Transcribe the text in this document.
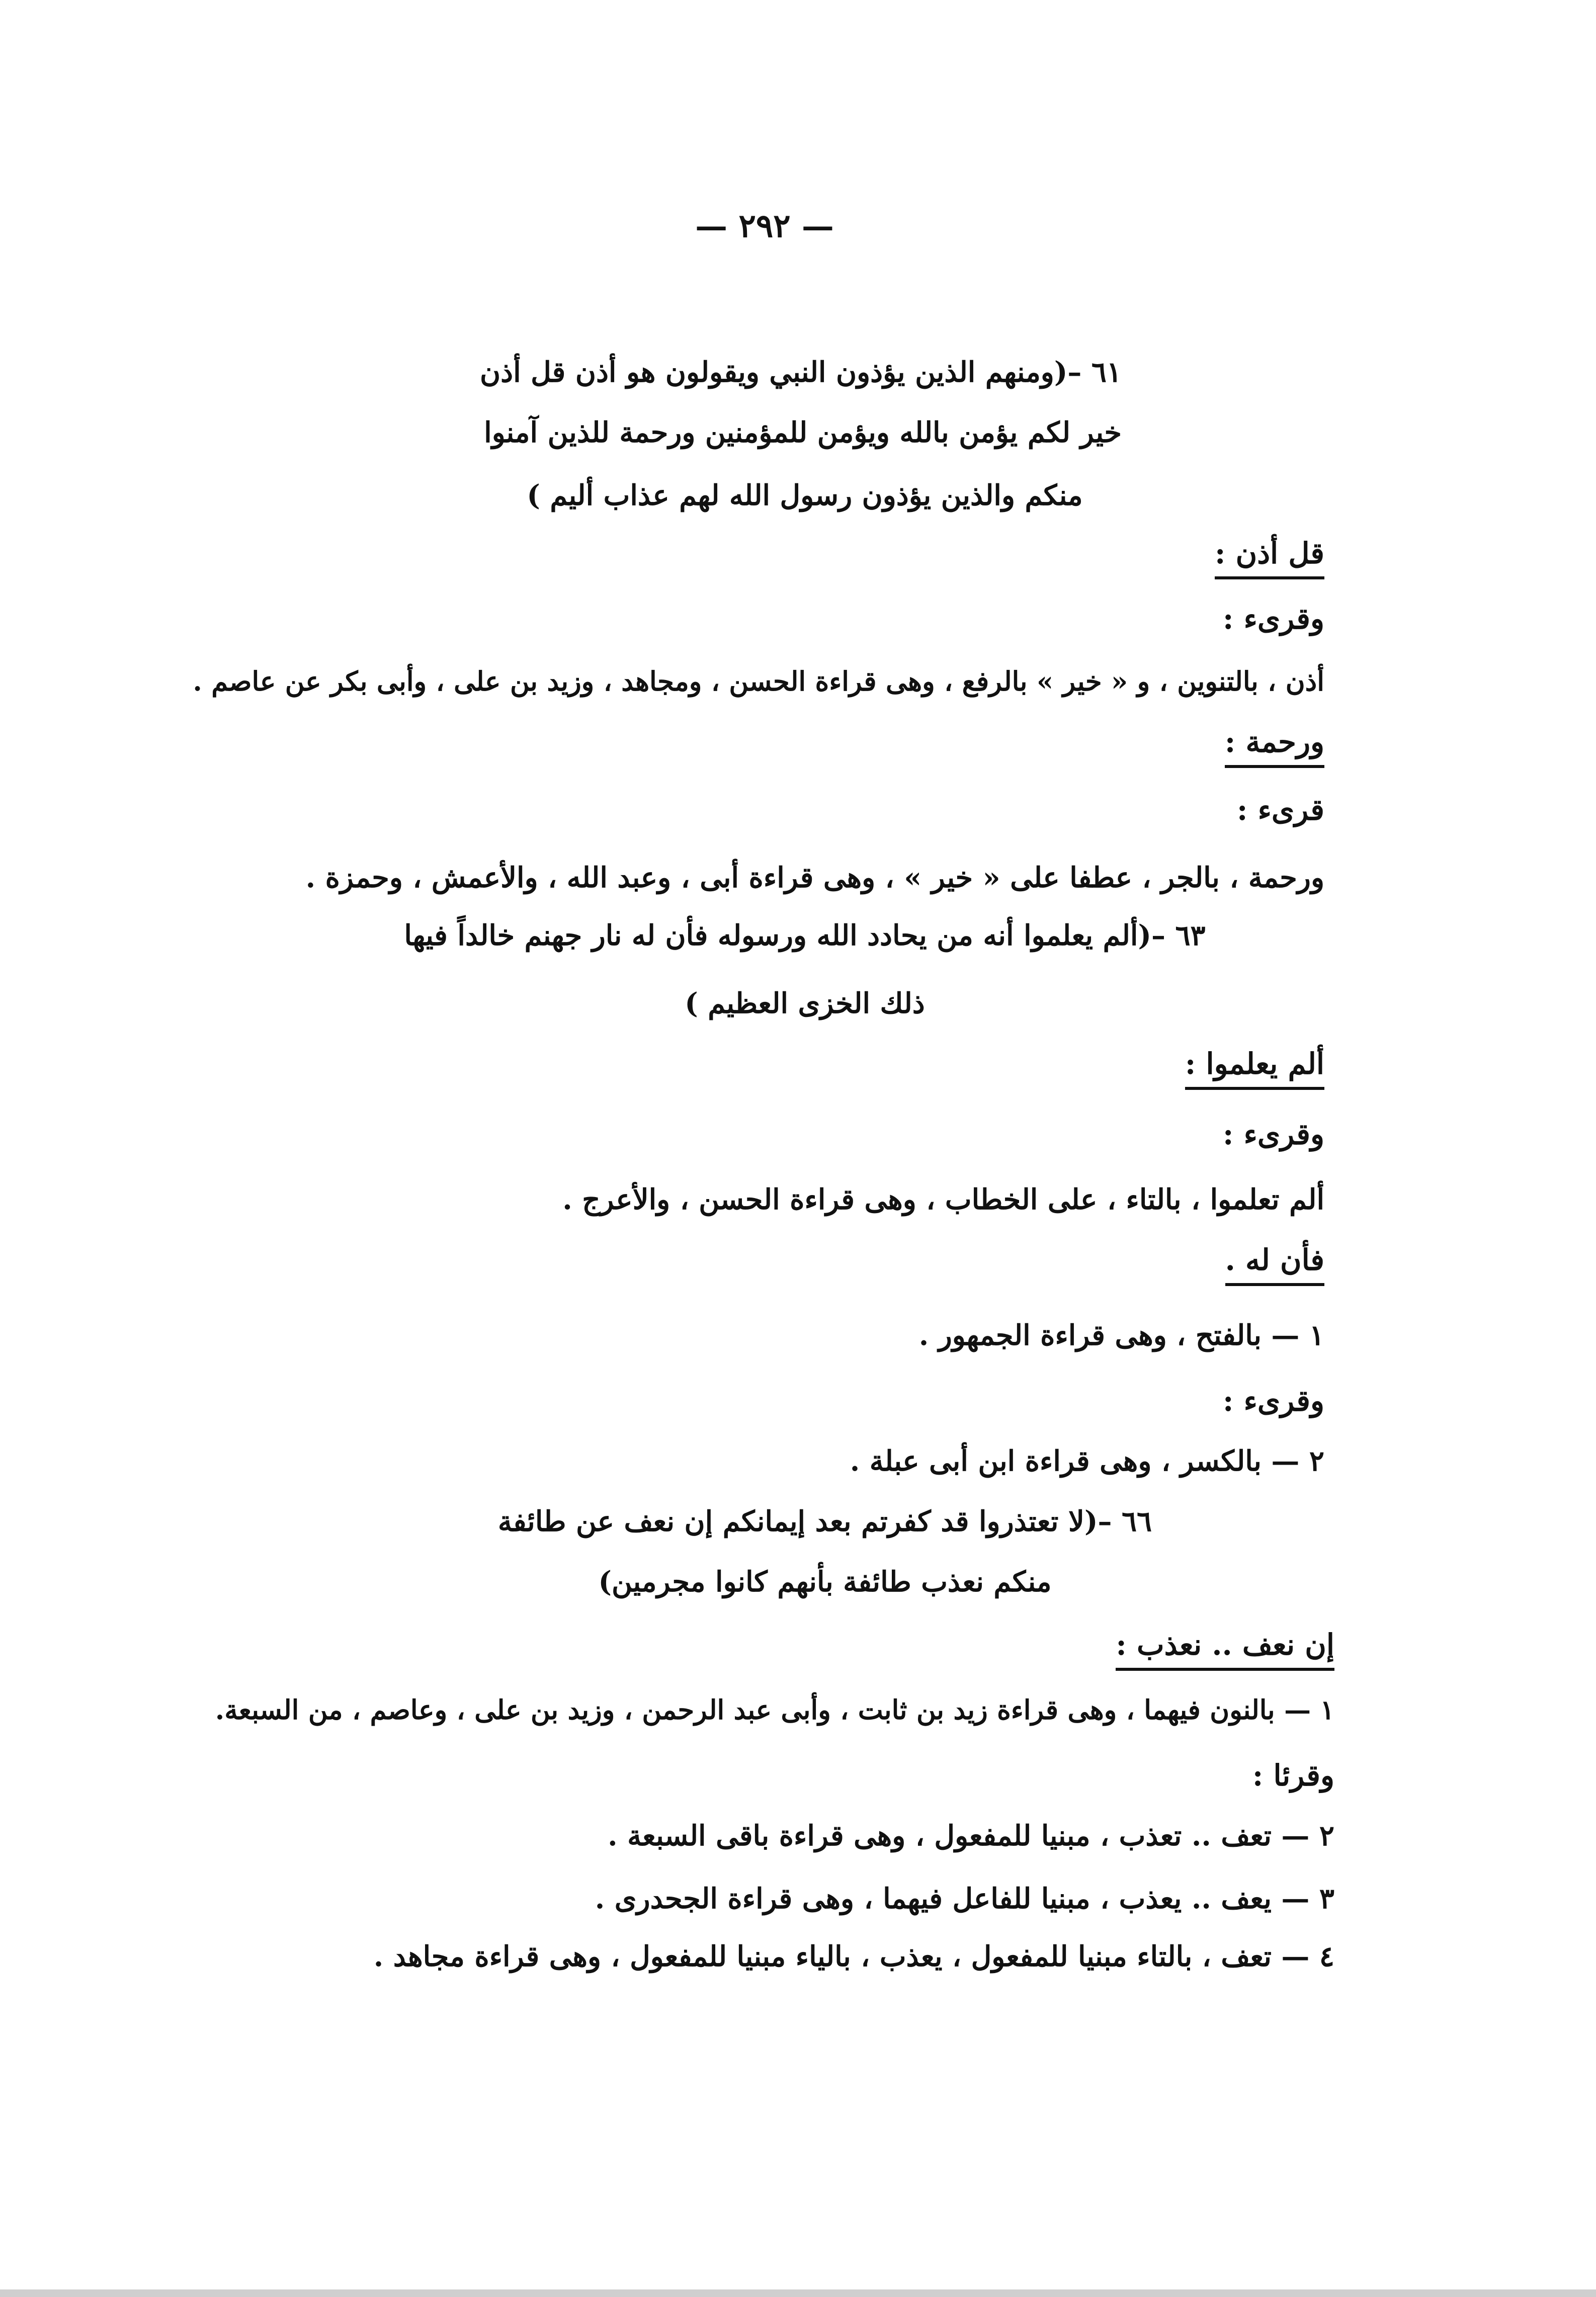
— ٢٩٢ —
٦١ –(ومنهم الذين يؤذون النبي ويقولون هو أذن قل أذن
خير لكم يؤمن بالله ويؤمن للمؤمنين ورحمة للذين آمنوا
منكم والذين يؤذون رسول الله لهم عذاب أليم )
قل أذن :
وقرىء :
أذن ، بالتنوين ، و « خير » بالرفع ، وهى قراءة الحسن ، ومجاهد ، وزيد بن على ، وأبى بكر عن عاصم .
ورحمة :
قرىء :
ورحمة ، بالجر ، عطفا على « خير » ، وهى قراءة أبى ، وعبد الله ، والأعمش ، وحمزة .
٦٣ –(ألم يعلموا أنه من يحادد الله ورسوله فأن له نار جهنم خالداً فيها
ذلك الخزى العظيم )
ألم يعلموا :
وقرىء :
ألم تعلموا ، بالتاء ، على الخطاب ، وهى قراءة الحسن ، والأعرج .
فأن له .
١ — بالفتح ، وهى قراءة الجمهور .
وقرىء :
٢ — بالكسر ، وهى قراءة ابن أبى عبلة .
٦٦ –(لا تعتذروا قد كفرتم بعد إيمانكم إن نعف عن طائفة
منكم نعذب طائفة بأنهم كانوا مجرمين)
إن نعف .. نعذب :
١ — بالنون فيهما ، وهى قراءة زيد بن ثابت ، وأبى عبد الرحمن ، وزيد بن على ، وعاصم ، من السبعة.
وقرئا :
٢ — تعف .. تعذب ، مبنيا للمفعول ، وهى قراءة باقى السبعة .
٣ — يعف .. يعذب ، مبنيا للفاعل فيهما ، وهى قراءة الجحدرى .
٤ — تعف ، بالتاء مبنيا للمفعول ، يعذب ، بالياء مبنيا للمفعول ، وهى قراءة مجاهد .
